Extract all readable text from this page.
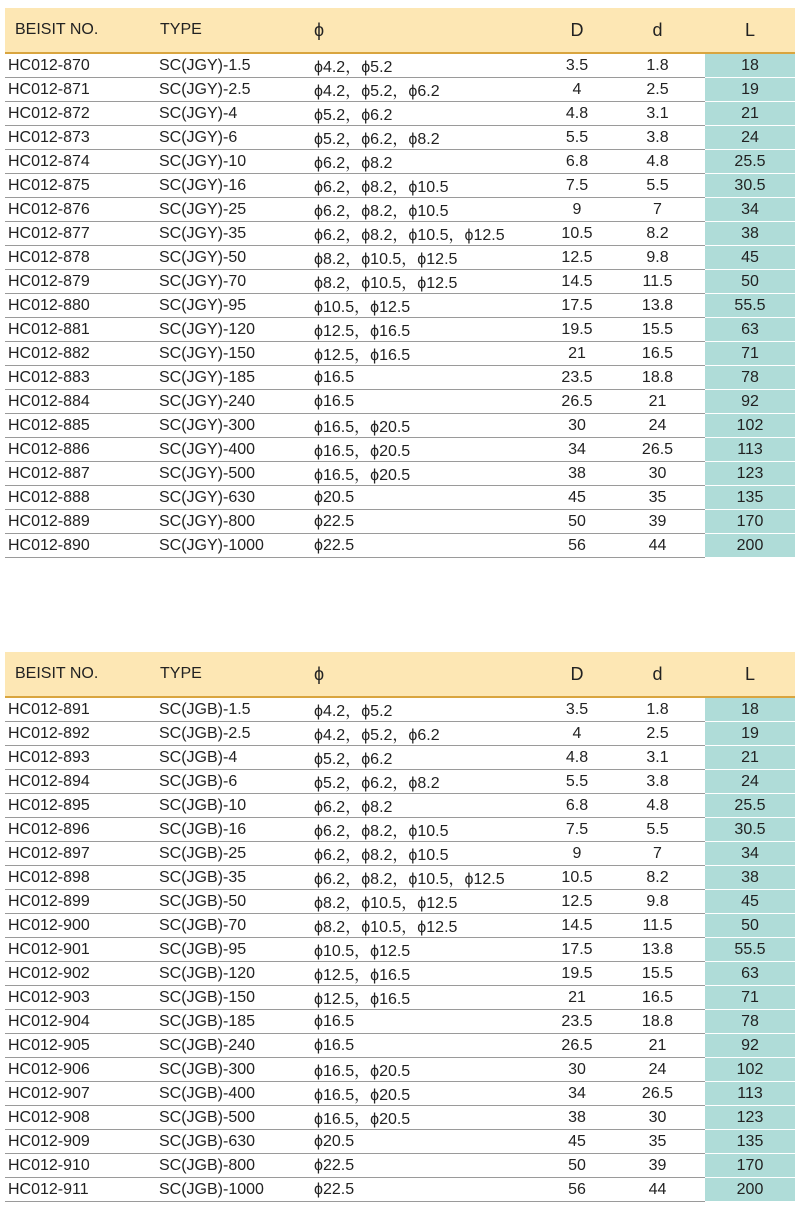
BEISIT NO.	TYPE	ϕ	D	d	L
HC012-870	SC(JGY)-1.5	ϕ4.2，ϕ5.2	3.5	1.8	18
HC012-871	SC(JGY)-2.5	ϕ4.2，ϕ5.2，ϕ6.2	4	2.5	19
HC012-872	SC(JGY)-4	ϕ5.2，ϕ6.2	4.8	3.1	21
HC012-873	SC(JGY)-6	ϕ5.2，ϕ6.2，ϕ8.2	5.5	3.8	24
HC012-874	SC(JGY)-10	ϕ6.2，ϕ8.2	6.8	4.8	25.5
HC012-875	SC(JGY)-16	ϕ6.2，ϕ8.2，ϕ10.5	7.5	5.5	30.5
HC012-876	SC(JGY)-25	ϕ6.2，ϕ8.2，ϕ10.5	9	7	34
HC012-877	SC(JGY)-35	ϕ6.2，ϕ8.2，ϕ10.5，ϕ12.5	10.5	8.2	38
HC012-878	SC(JGY)-50	ϕ8.2，ϕ10.5，ϕ12.5	12.5	9.8	45
HC012-879	SC(JGY)-70	ϕ8.2，ϕ10.5，ϕ12.5	14.5	11.5	50
HC012-880	SC(JGY)-95	ϕ10.5，ϕ12.5	17.5	13.8	55.5
HC012-881	SC(JGY)-120	ϕ12.5，ϕ16.5	19.5	15.5	63
HC012-882	SC(JGY)-150	ϕ12.5，ϕ16.5	21	16.5	71
HC012-883	SC(JGY)-185	ϕ16.5	23.5	18.8	78
HC012-884	SC(JGY)-240	ϕ16.5	26.5	21	92
HC012-885	SC(JGY)-300	ϕ16.5，ϕ20.5	30	24	102
HC012-886	SC(JGY)-400	ϕ16.5，ϕ20.5	34	26.5	113
HC012-887	SC(JGY)-500	ϕ16.5，ϕ20.5	38	30	123
HC012-888	SC(JGY)-630	ϕ20.5	45	35	135
HC012-889	SC(JGY)-800	ϕ22.5	50	39	170
HC012-890	SC(JGY)-1000	ϕ22.5	56	44	200
BEISIT NO.	TYPE	ϕ	D	d	L
HC012-891	SC(JGB)-1.5	ϕ4.2，ϕ5.2	3.5	1.8	18
HC012-892	SC(JGB)-2.5	ϕ4.2，ϕ5.2，ϕ6.2	4	2.5	19
HC012-893	SC(JGB)-4	ϕ5.2，ϕ6.2	4.8	3.1	21
HC012-894	SC(JGB)-6	ϕ5.2，ϕ6.2，ϕ8.2	5.5	3.8	24
HC012-895	SC(JGB)-10	ϕ6.2，ϕ8.2	6.8	4.8	25.5
HC012-896	SC(JGB)-16	ϕ6.2，ϕ8.2，ϕ10.5	7.5	5.5	30.5
HC012-897	SC(JGB)-25	ϕ6.2，ϕ8.2，ϕ10.5	9	7	34
HC012-898	SC(JGB)-35	ϕ6.2，ϕ8.2，ϕ10.5，ϕ12.5	10.5	8.2	38
HC012-899	SC(JGB)-50	ϕ8.2，ϕ10.5，ϕ12.5	12.5	9.8	45
HC012-900	SC(JGB)-70	ϕ8.2，ϕ10.5，ϕ12.5	14.5	11.5	50
HC012-901	SC(JGB)-95	ϕ10.5，ϕ12.5	17.5	13.8	55.5
HC012-902	SC(JGB)-120	ϕ12.5，ϕ16.5	19.5	15.5	63
HC012-903	SC(JGB)-150	ϕ12.5，ϕ16.5	21	16.5	71
HC012-904	SC(JGB)-185	ϕ16.5	23.5	18.8	78
HC012-905	SC(JGB)-240	ϕ16.5	26.5	21	92
HC012-906	SC(JGB)-300	ϕ16.5，ϕ20.5	30	24	102
HC012-907	SC(JGB)-400	ϕ16.5，ϕ20.5	34	26.5	113
HC012-908	SC(JGB)-500	ϕ16.5，ϕ20.5	38	30	123
HC012-909	SC(JGB)-630	ϕ20.5	45	35	135
HC012-910	SC(JGB)-800	ϕ22.5	50	39	170
HC012-911	SC(JGB)-1000	ϕ22.5	56	44	200
